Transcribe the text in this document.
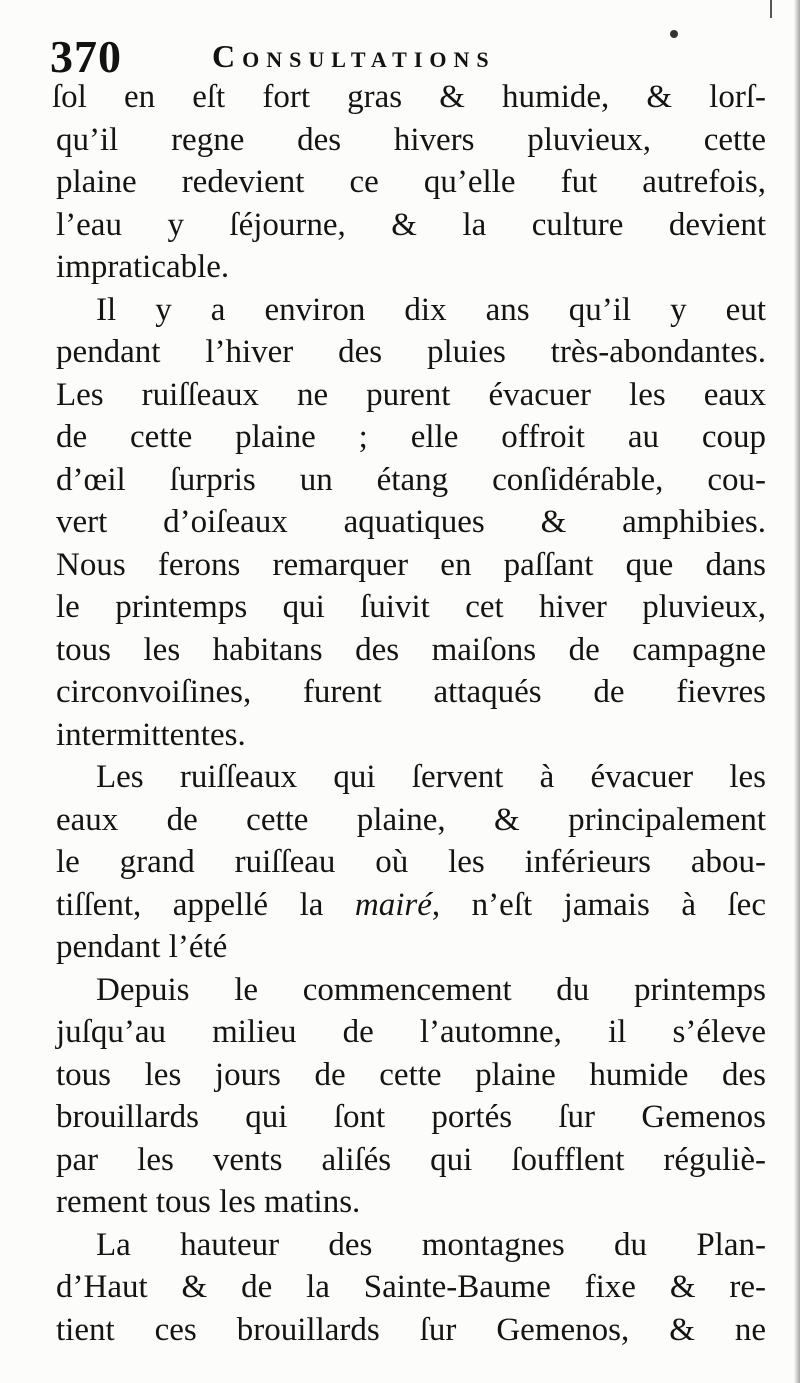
370	Consultations
ſol en eſt fort gras & humide, & lorſ-
qu’il regne des hivers pluvieux, cette
plaine redevient ce qu’elle fut autrefois,
l’eau y ſéjourne, & la culture devient
impraticable.
Il y a environ dix ans qu’il y eut
pendant l’hiver des pluies très-abondantes.
Les ruiſſeaux ne purent évacuer les eaux
de cette plaine ; elle offroit au coup
d’œil ſurpris un étang conſidérable, cou-
vert d’oiſeaux aquatiques & amphibies.
Nous ferons remarquer en paſſant que dans
le printemps qui ſuivit cet hiver pluvieux,
tous les habitans des maiſons de campagne
circonvoiſines, furent attaqués de fievres
intermittentes.
Les ruiſſeaux qui ſervent à évacuer les
eaux de cette plaine, & principalement
le grand ruiſſeau où les inférieurs abou-
tiſſent, appellé la mairé, n’eſt jamais à ſec
pendant l’été
Depuis le commencement du printemps
juſqu’au milieu de l’automne, il s’éleve
tous les jours de cette plaine humide des
brouillards qui ſont portés ſur Gemenos
par les vents aliſés qui ſoufflent réguliè-
rement tous les matins.
La hauteur des montagnes du Plan-
d’Haut & de la Sainte-Baume fixe & re-
tient ces brouillards ſur Gemenos, & ne
